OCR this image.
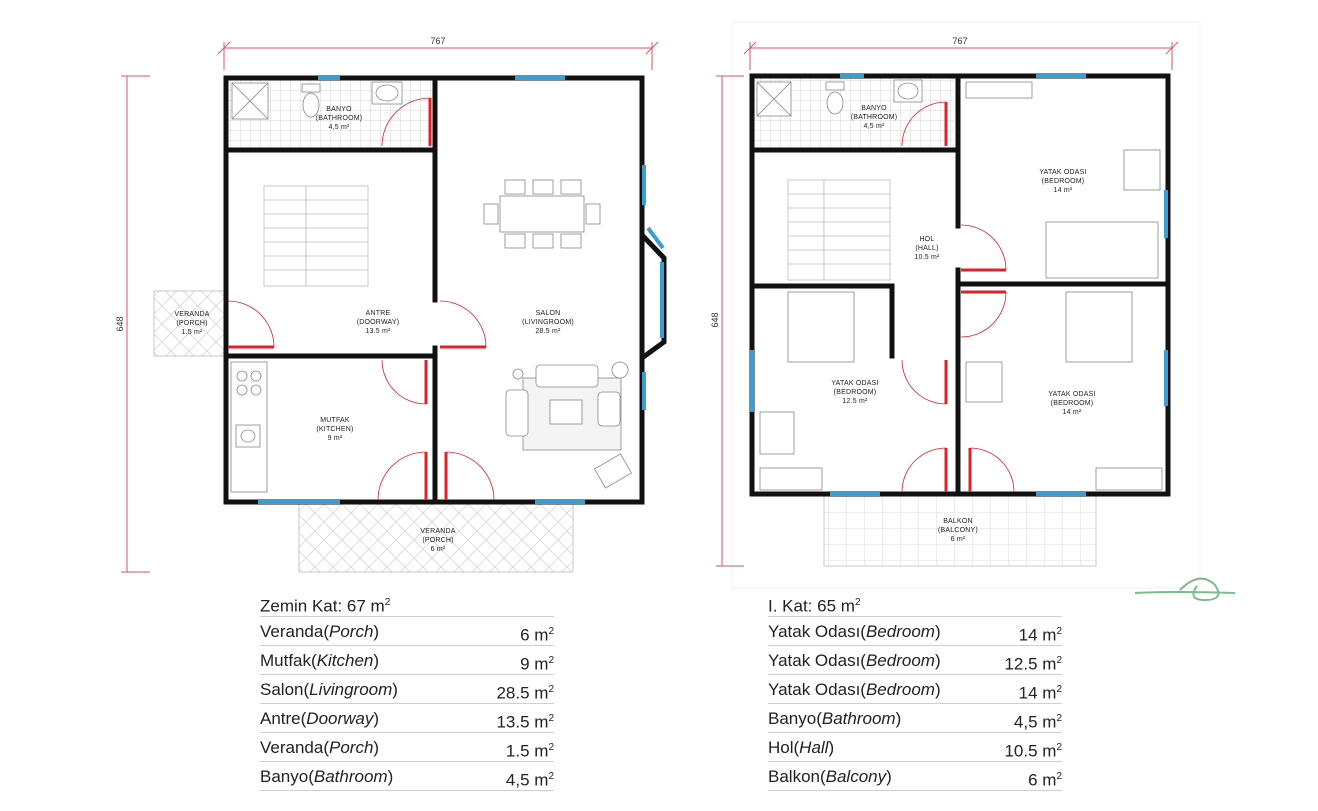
767
648
BANYO
(BATHROOM)
4,5 m²
VERANDA
(PORCH)
1.5 m²
ANTRE
(DOORWAY)
13.5 m²
SALON
(LIVINGROOM)
28.5 m²
MUTFAK
(KITCHEN)
9 m²
VERANDA
(PORCH)
6 m²
767
648
BANYO
(BATHROOM)
4,5 m²
YATAK ODASI
(BEDROOM)
14 m²
HOL
(HALL)
10.5 m²
YATAK ODASI
(BEDROOM)
12.5 m²
YATAK ODASI
(BEDROOM)
14 m²
BALKON
(BALCONY)
6 m²
Zemin Kat: 67 $m^2$
Veranda(Porch)	6 $m^2$
Mutfak(Kitchen)	9 $m^2$
Salon(Livingroom)	28.5 $m^2$
Antre(Doorway)	13.5 $m^2$
Veranda(Porch)	1.5 $m^2$
Banyo(Bathroom)	4,5 $m^2$
I. Kat: 65 $m^2$
Yatak Odası(Bedroom)	14 $m^2$
Yatak Odası(Bedroom)	12.5 $m^2$
Yatak Odası(Bedroom)	14 $m^2$
Banyo(Bathroom)	4,5 $m^2$
Hol(Hall)	10.5 $m^2$
Balkon(Balcony)	6 $m^2$
